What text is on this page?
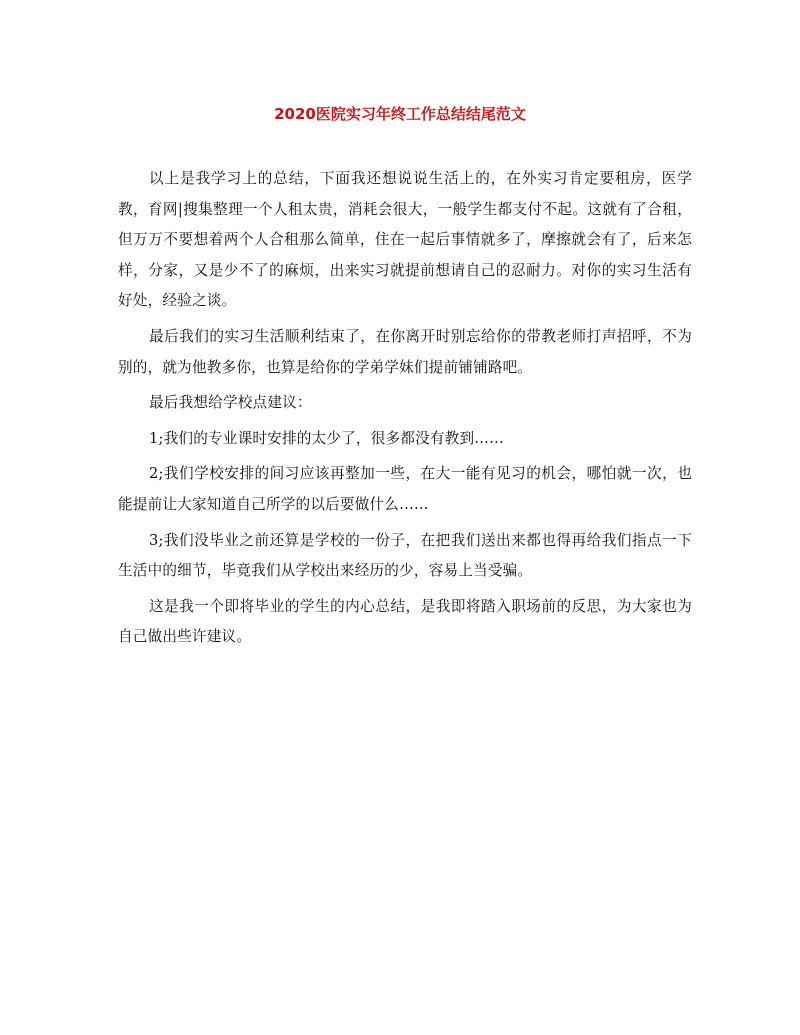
2020医院实习年终工作总结结尾范文

以上是我学习上的总结，下面我还想说说生活上的，在外实习肯定要租房，医学教，育网|搜集整理一个人租太贵，消耗会很大，一般学生都支付不起。这就有了合租，但万万不要想着两个人合租那么简单，住在一起后事情就多了，摩擦就会有了，后来怎样，分家，又是少不了的麻烦，出来实习就提前想请自己的忍耐力。对你的实习生活有好处，经验之谈。

最后我们的实习生活顺利结束了，在你离开时别忘给你的带教老师打声招呼，不为别的，就为他教多你，也算是给你的学弟学妹们提前铺铺路吧。

最后我想给学校点建议：

1;我们的专业课时安排的太少了，很多都没有教到……

2;我们学校安排的间习应该再整加一些，在大一能有见习的机会，哪怕就一次，也能提前让大家知道自己所学的以后要做什么……

3;我们没毕业之前还算是学校的一份子，在把我们送出来都也得再给我们指点一下生活中的细节，毕竟我们从学校出来经历的少，容易上当受骗。

这是我一个即将毕业的学生的内心总结，是我即将踏入职场前的反思，为大家也为自己做出些许建议。
